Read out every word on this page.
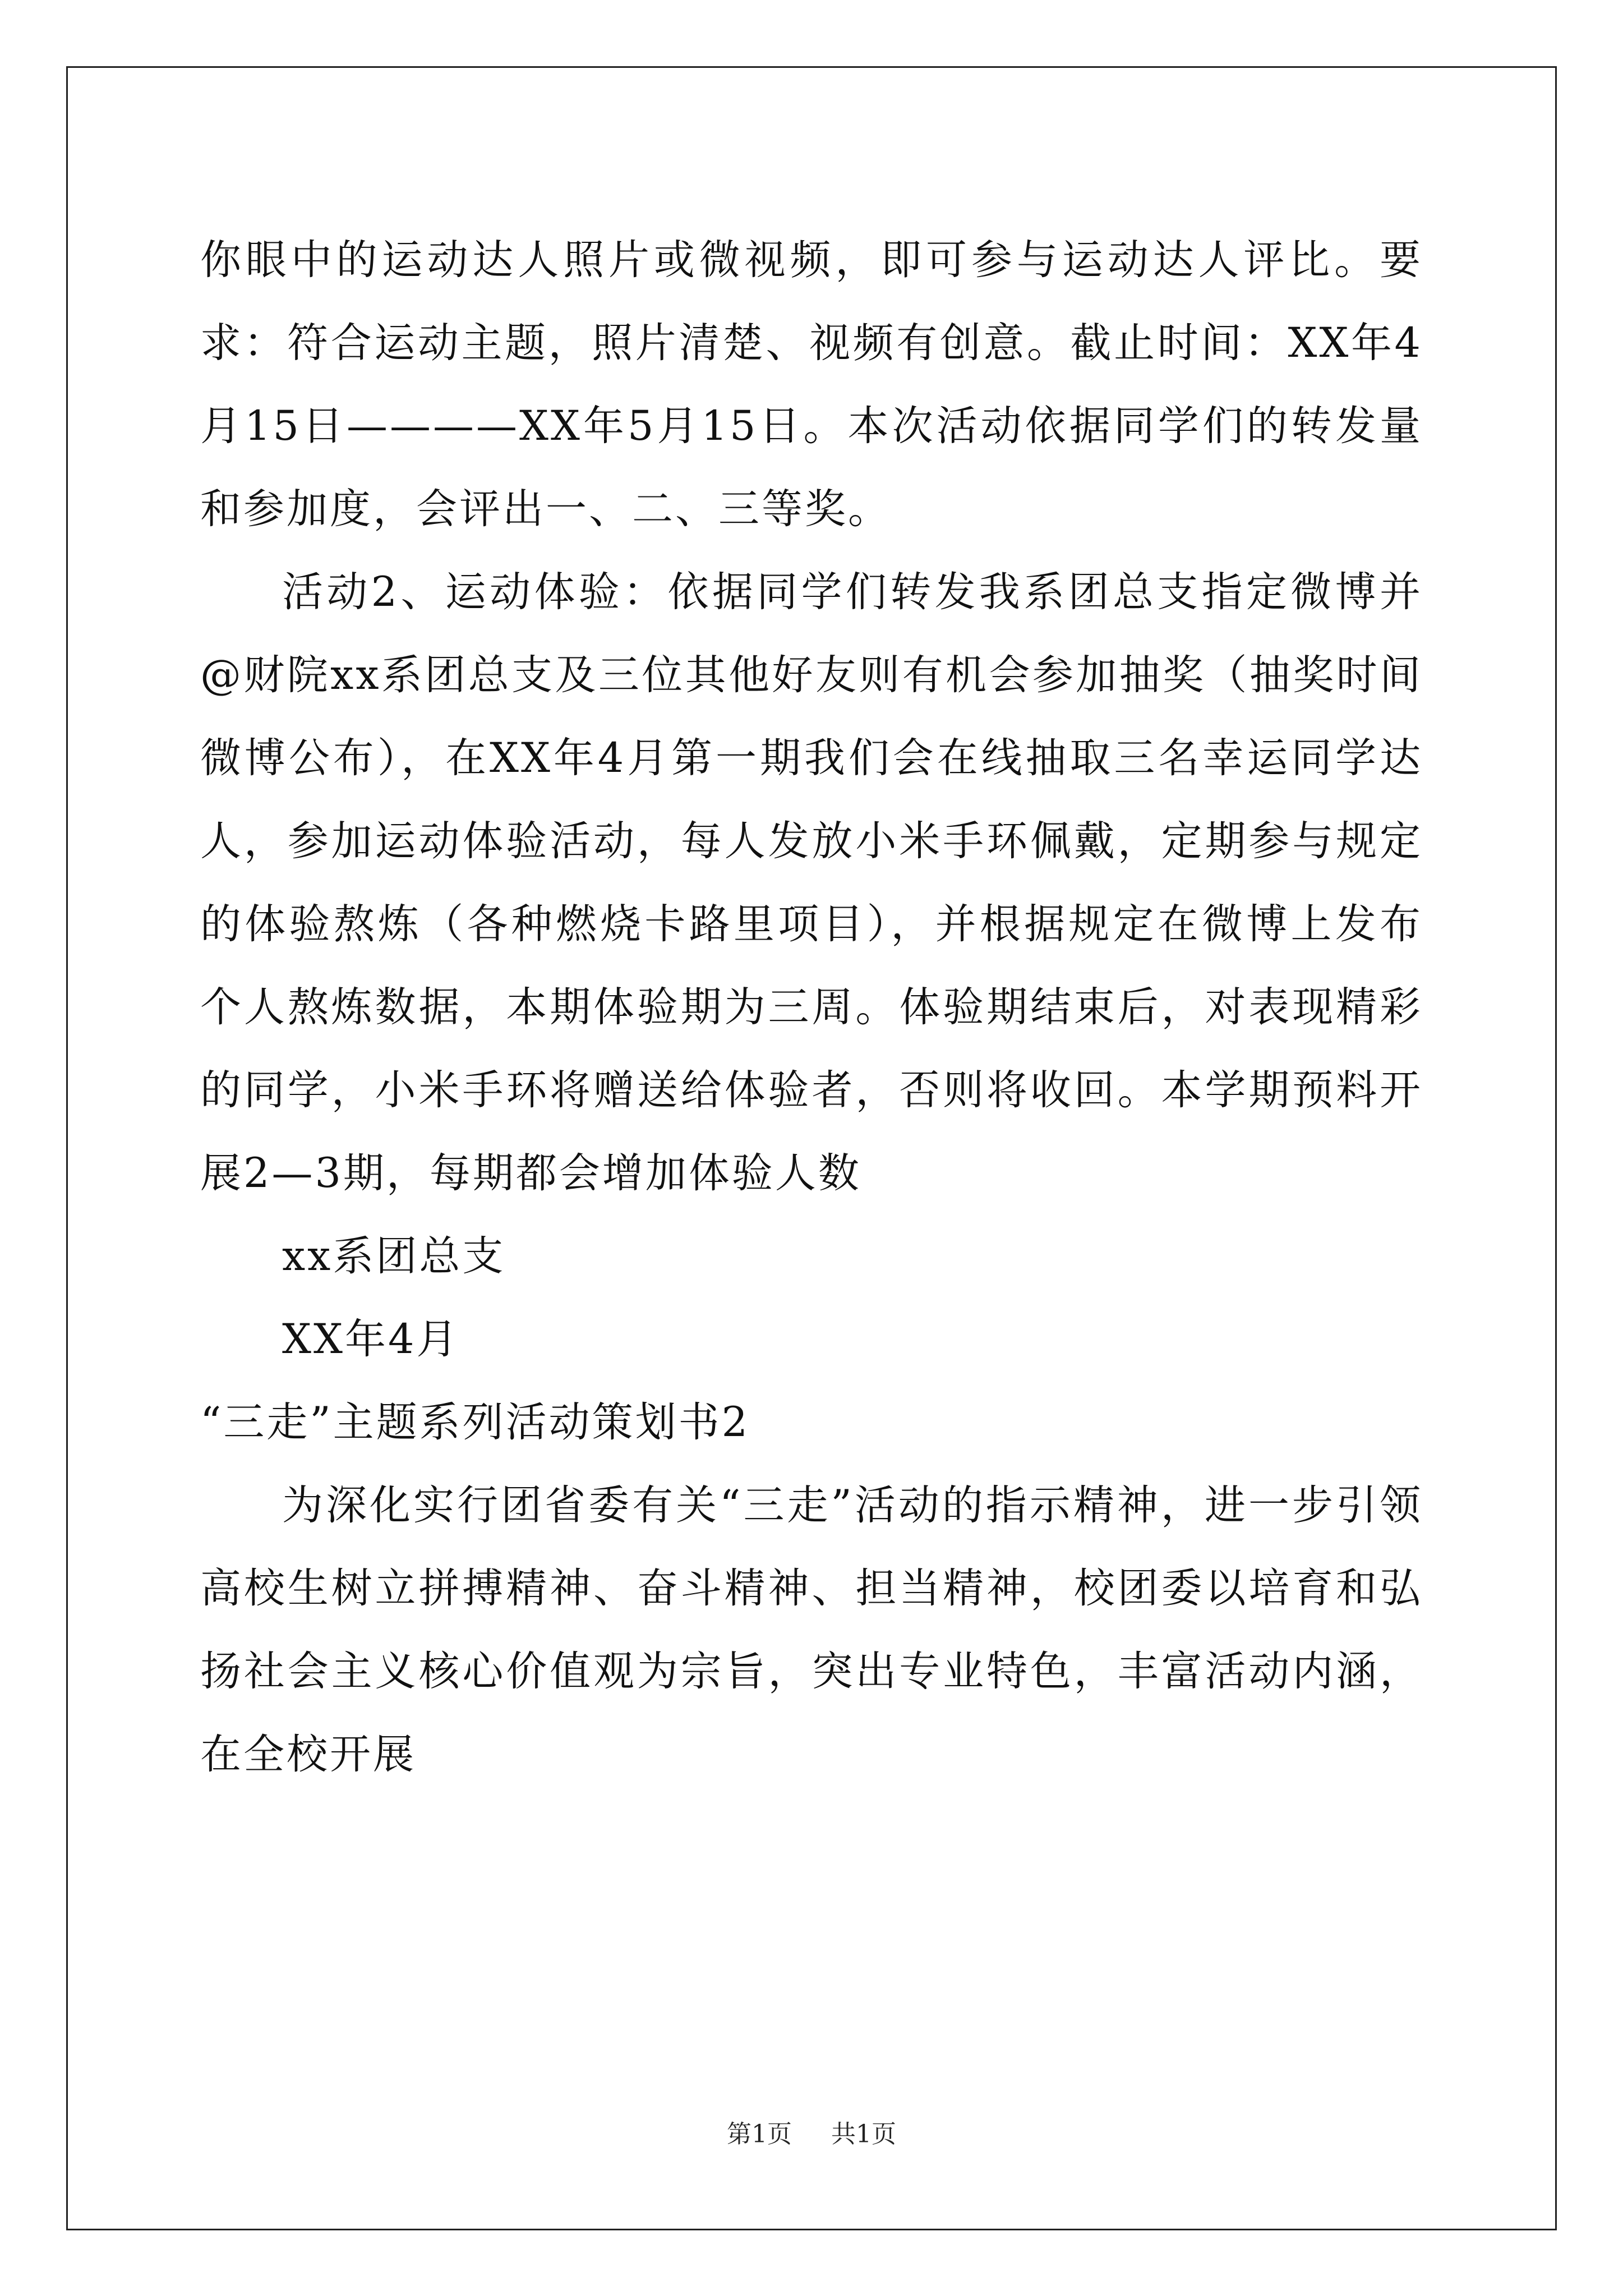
你眼中的运动达人照片或微视频，即可参与运动达人评比。要求：符合运动主题，照片清楚、视频有创意。截止时间：XX年4月15日————XX年5月15日。本次活动依据同学们的转发量和参加度，会评出一、二、三等奖。

活动2、运动体验：依据同学们转发我系团总支指定微博并@财院xx系团总支及三位其他好友则有机会参加抽奖（抽奖时间微博公布），在XX年4月第一期我们会在线抽取三名幸运同学达人，参加运动体验活动，每人发放小米手环佩戴，定期参与规定的体验熬炼（各种燃烧卡路里项目），并根据规定在微博上发布个人熬炼数据，本期体验期为三周。体验期结束后，对表现精彩的同学，小米手环将赠送给体验者，否则将收回。本学期预料开展2—3期，每期都会增加体验人数

xx系团总支

XX年4月

“三走”主题系列活动策划书2

为深化实行团省委有关“三走”活动的指示精神，进一步引领高校生树立拼搏精神、奋斗精神、担当精神，校团委以培育和弘扬社会主义核心价值观为宗旨，突出专业特色，丰富活动内涵，在全校开展

第1页 共1页
